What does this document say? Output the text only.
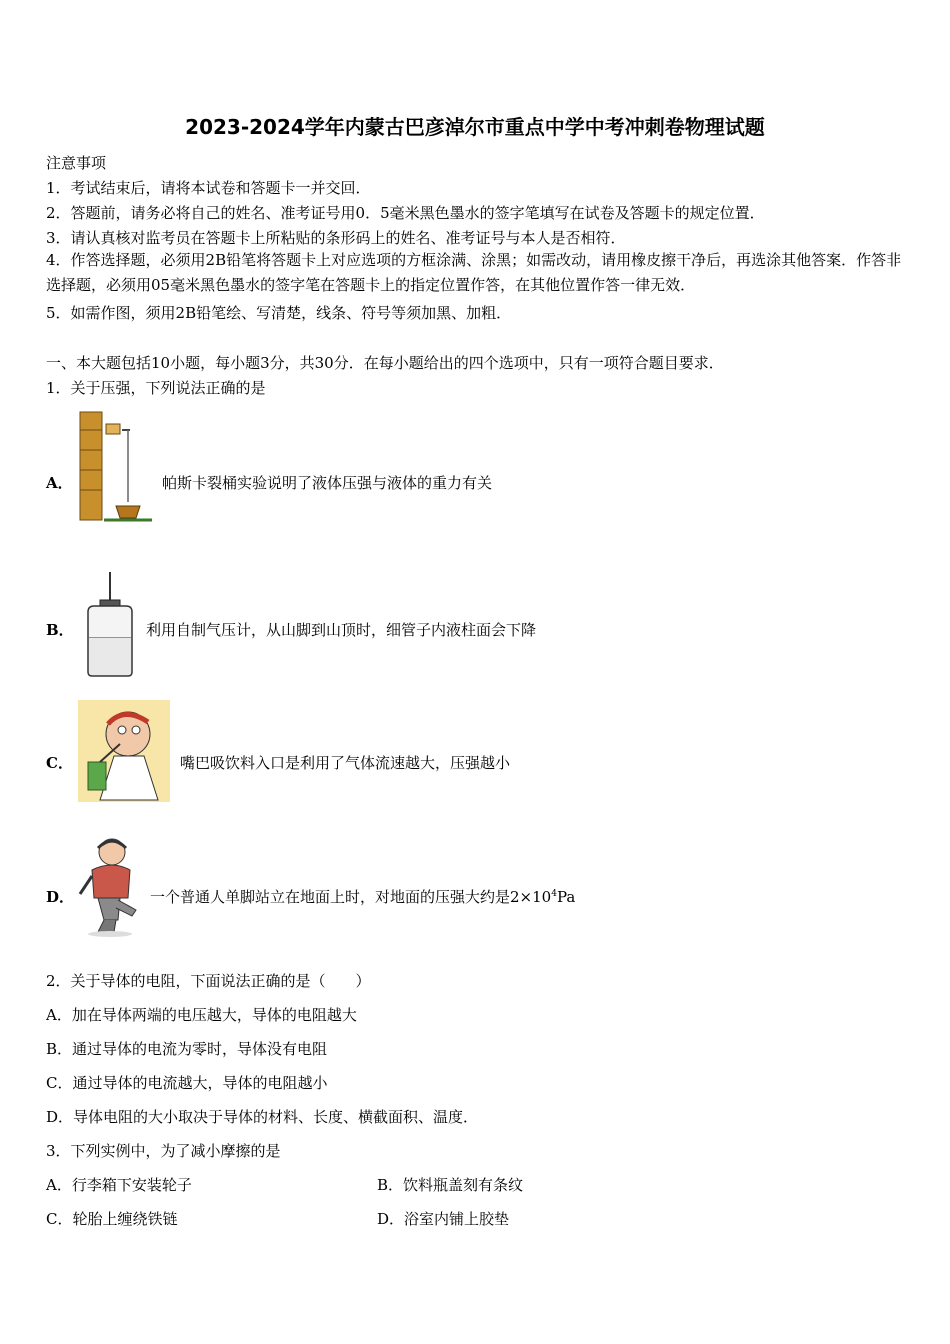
2023-2024学年内蒙古巴彦淖尔市重点中学中考冲刺卷物理试题
注意事项
1．考试结束后，请将本试卷和答题卡一并交回．
2．答题前，请务必将自己的姓名、准考证号用0．5毫米黑色墨水的签字笔填写在试卷及答题卡的规定位置．
3．请认真核对监考员在答题卡上所粘贴的条形码上的姓名、准考证号与本人是否相符．
4．作答选择题，必须用2B铅笔将答题卡上对应选项的方框涂满、涂黑；如需改动，请用橡皮擦干净后，再选涂其他答案．作答非选择题，必须用05毫米黑色墨水的签字笔在答题卡上的指定位置作答，在其他位置作答一律无效．
5．如需作图，须用2B铅笔绘、写清楚，线条、符号等须加黑、加粗．
一、本大题包括10小题，每小题3分，共30分．在每小题给出的四个选项中，只有一项符合题目要求．
1．关于压强，下列说法正确的是
A．	帕斯卡裂桶实验说明了液体压强与液体的重力有关
B．	利用自制气压计，从山脚到山顶时，细管子内液柱面会下降
C．	嘴巴吸饮料入口是利用了气体流速越大，压强越小
D．	一个普通人单脚站立在地面上时，对地面的压强大约是$2\times 10^4Pa$
2．关于导体的电阻，下面说法正确的是（　　）
A．加在导体两端的电压越大，导体的电阻越大
B．通过导体的电流为零时，导体没有电阻
C．通过导体的电流越大，导体的电阻越小
D．导体电阻的大小取决于导体的材料、长度、横截面积、温度．
3．下列实例中，为了减小摩擦的是
A．行李箱下安装轮子	B．饮料瓶盖刻有条纹
C．轮胎上缠绕铁链	D．浴室内铺上胶垫
